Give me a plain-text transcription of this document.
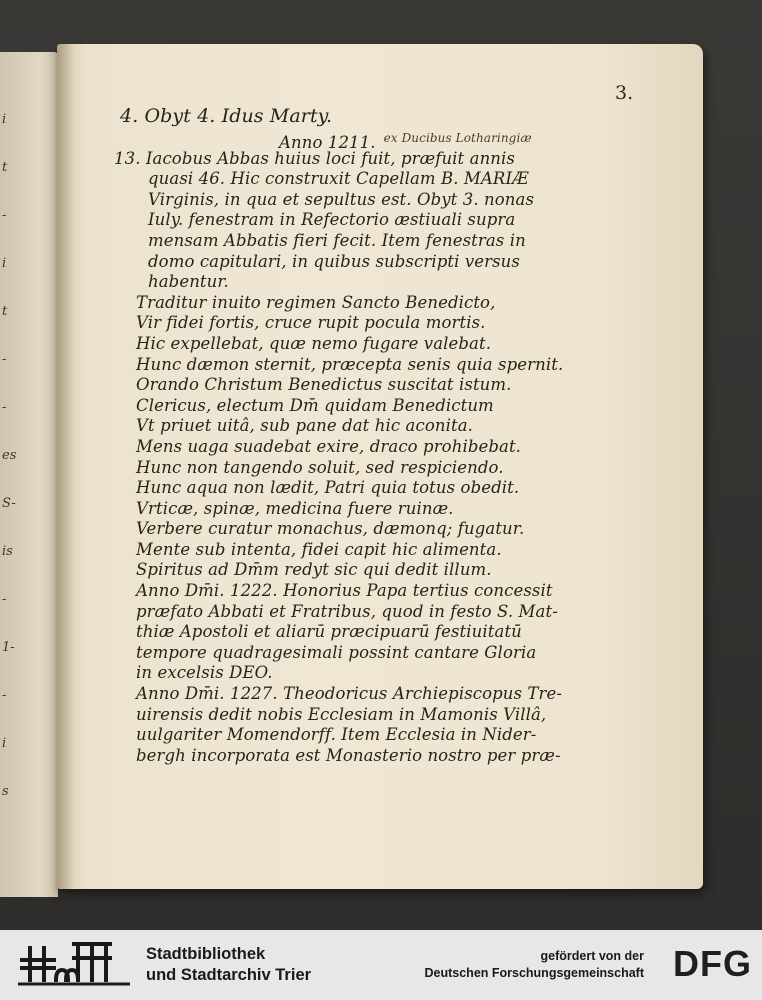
i
t
-
i
t
-
-
es
S-
is
-
1-
-
i
s
3.
4. Obyt 4. Idus Marty.
Anno 1211. $^{ex Ducibus Lotharingiæ}$
13. Iacobus Abbas huius loci fuit, præfuit annis
quasi 46. Hic construxit Capellam B. MARIÆ
Virginis, in qua et sepultus est. Obyt 3. nonas
Iuly. fenestram in Refectorio æstiuali supra
mensam Abbatis fieri fecit. Item fenestras in
domo capitulari, in quibus subscripti versus
habentur.
Traditur inuito regimen Sancto Benedicto,
Vir fidei fortis, cruce rupit pocula mortis.
Hic expellebat, quæ nemo fugare valebat.
Hunc dæmon sternit, præcepta senis quia spernit.
Orando Christum Benedictus suscitat istum.
Clericus, electum Dm̄ quidam Benedictum
Vt priuet uitâ, sub pane dat hic aconita.
Mens uaga suadebat exire, draco prohibebat.
Hunc non tangendo soluit, sed respiciendo.
Hunc aqua non lædit, Patri quia totus obedit.
Vrticæ, spinæ, medicina fuere ruinæ.
Verbere curatur monachus, dæmonq; fugatur.
Mente sub intenta, fidei capit hic alimenta.
Spiritus ad Dm̄m redyt sic qui dedit illum.
Anno Dm̄i. 1222. Honorius Papa tertius concessit
præfato Abbati et Fratribus, quod in festo S. Mat-
thiæ Apostoli et aliarū præcipuarū festiuitatū
tempore quadragesimali possint cantare Gloria
in excelsis DEO.
Anno Dm̄i. 1227. Theodoricus Archiepiscopus Tre-
uirensis dedit nobis Ecclesiam in Mamonis Villâ,
uulgariter Momendorff. Item Ecclesia in Nider-
bergh incorporata est Monasterio nostro per præ-
Stadtbibliothek
und Stadtarchiv Trier
gefördert von der
Deutschen Forschungsgemeinschaft DFG
